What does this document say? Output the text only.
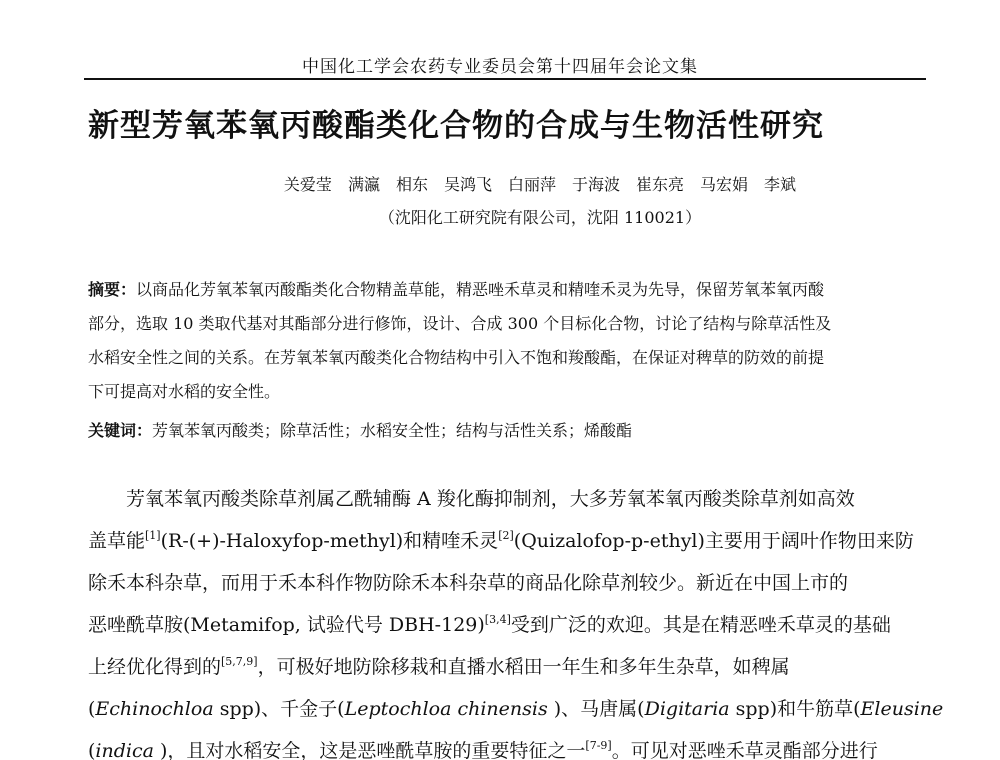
中国化工学会农药专业委员会第十四届年会论文集
新型芳氧苯氧丙酸酯类化合物的合成与生物活性研究
关爱莹 满瀛 相东 吴鸿飞 白丽萍 于海波 崔东亮 马宏娟 李斌
（沈阳化工研究院有限公司，沈阳 110021）
摘要：以商品化芳氧苯氧丙酸酯类化合物精盖草能，精恶唑禾草灵和精喹禾灵为先导，保留芳氧苯氧丙酸
部分，选取 10 类取代基对其酯部分进行修饰，设计、合成 300 个目标化合物，讨论了结构与除草活性及
水稻安全性之间的关系。在芳氧苯氧丙酸类化合物结构中引入不饱和羧酸酯，在保证对稗草的防效的前提
下可提高对水稻的安全性。
关键词：芳氧苯氧丙酸类；除草活性；水稻安全性；结构与活性关系；烯酸酯
芳氧苯氧丙酸类除草剂属乙酰辅酶 A 羧化酶抑制剂，大多芳氧苯氧丙酸类除草剂如高效
盖草能[1](R-(+)-Haloxyfop-methyl)和精喹禾灵[2](Quizalofop-p-ethyl)主要用于阔叶作物田来防
除禾本科杂草，而用于禾本科作物防除禾本科杂草的商品化除草剂较少。新近在中国上市的
恶唑酰草胺(Metamifop, 试验代号 DBH-129)[3,4]受到广泛的欢迎。其是在精恶唑禾草灵的基础
上经优化得到的[5,7,9]，可极好地防除移栽和直播水稻田一年生和多年生杂草，如稗属
(Echinochloa spp)、千金子(Leptochloa chinensis )、马唐属(Digitaria spp)和牛筋草(Eleusine
(indica )，且对水稻安全，这是恶唑酰草胺的重要特征之一[7-9]。可见对恶唑禾草灵酯部分进行
